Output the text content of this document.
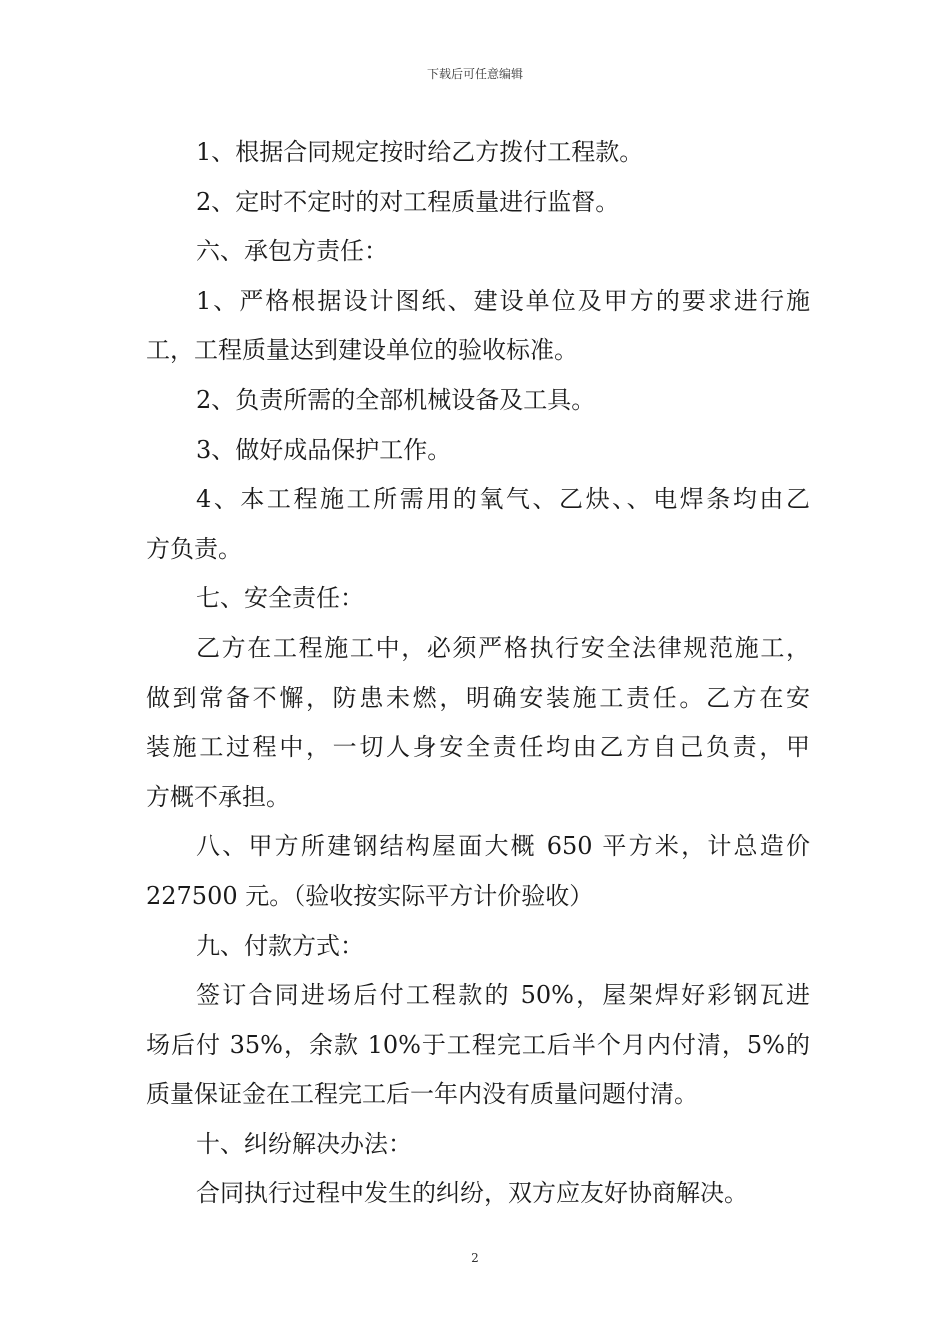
下载后可任意编辑
1、根据合同规定按时给乙方拨付工程款。
2、定时不定时的对工程质量进行监督。
六、承包方责任：
1、严格根据设计图纸、建设单位及甲方的要求进行施
工，工程质量达到建设单位的验收标准。
2、负责所需的全部机械设备及工具。
3、做好成品保护工作。
4、本工程施工所需用的氧气、乙炔、、电焊条均由乙
方负责。
七、安全责任：
乙方在工程施工中，必须严格执行安全法律规范施工，
做到常备不懈，防患未燃，明确安装施工责任。乙方在安
装施工过程中，一切人身安全责任均由乙方自己负责，甲
方概不承担。
八、甲方所建钢结构屋面大概 650 平方米，计总造价
227500 元。（验收按实际平方计价验收）
九、付款方式：
签订合同进场后付工程款的 50%，屋架焊好彩钢瓦进
场后付 35%，余款 10%于工程完工后半个月内付清，5%的
质量保证金在工程完工后一年内没有质量问题付清。
十、纠纷解决办法：
合同执行过程中发生的纠纷，双方应友好协商解决。
2
